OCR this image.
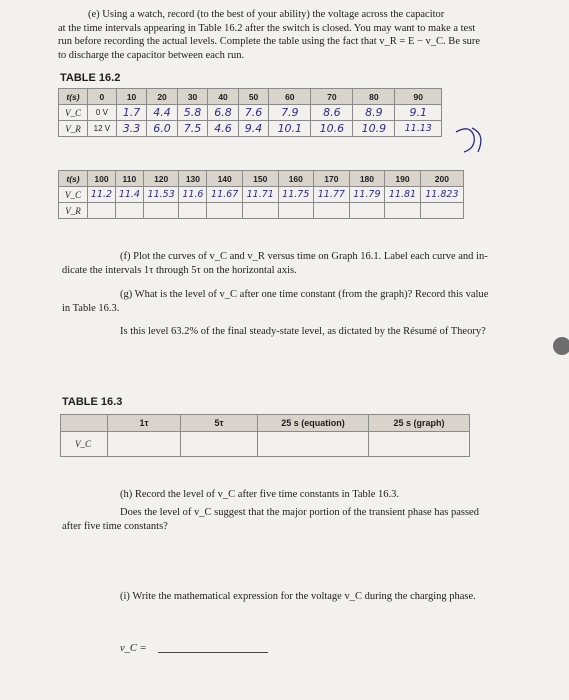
(e) Using a watch, record (to the best of your ability) the voltage across the capacitor
at the time intervals appearing in Table 16.2 after the switch is closed. You may want to make a test
run before recording the actual levels. Complete the table using the fact that v_R = E − v_C. Be sure
to discharge the capacitor between each run.
TABLE 16.2
t(s)	0	10	20	30	40	50	60	70	80	90
V_C	0 V	1.7	4.4	5.8	6.8	7.6	7.9	8.6	8.9	9.1
V_R	12 V	3.3	6.0	7.5	4.6	9.4	10.1	10.6	10.9	11.13
t(s)	100	110	120	130	140	150	160	170	180	190	200
V_C	11.2	11.4	11.53	11.6	11.67	11.71	11.75	11.77	11.79	11.81	11.823
V_R											
(f) Plot the curves of v_C and v_R versus time on Graph 16.1. Label each curve and in-
dicate the intervals 1τ through 5τ on the horizontal axis.
(g) What is the level of v_C after one time constant (from the graph)? Record this value
in Table 16.3.
Is this level 63.2% of the final steady-state level, as dictated by the Résumé of Theory?
TABLE 16.3
	1τ	5τ	25 s (equation)	25 s (graph)
V_C				
(h) Record the level of v_C after five time constants in Table 16.3.
Does the level of v_C suggest that the major portion of the transient phase has passed
after five time constants?
(i) Write the mathematical expression for the voltage v_C during the charging phase.
v_C =
